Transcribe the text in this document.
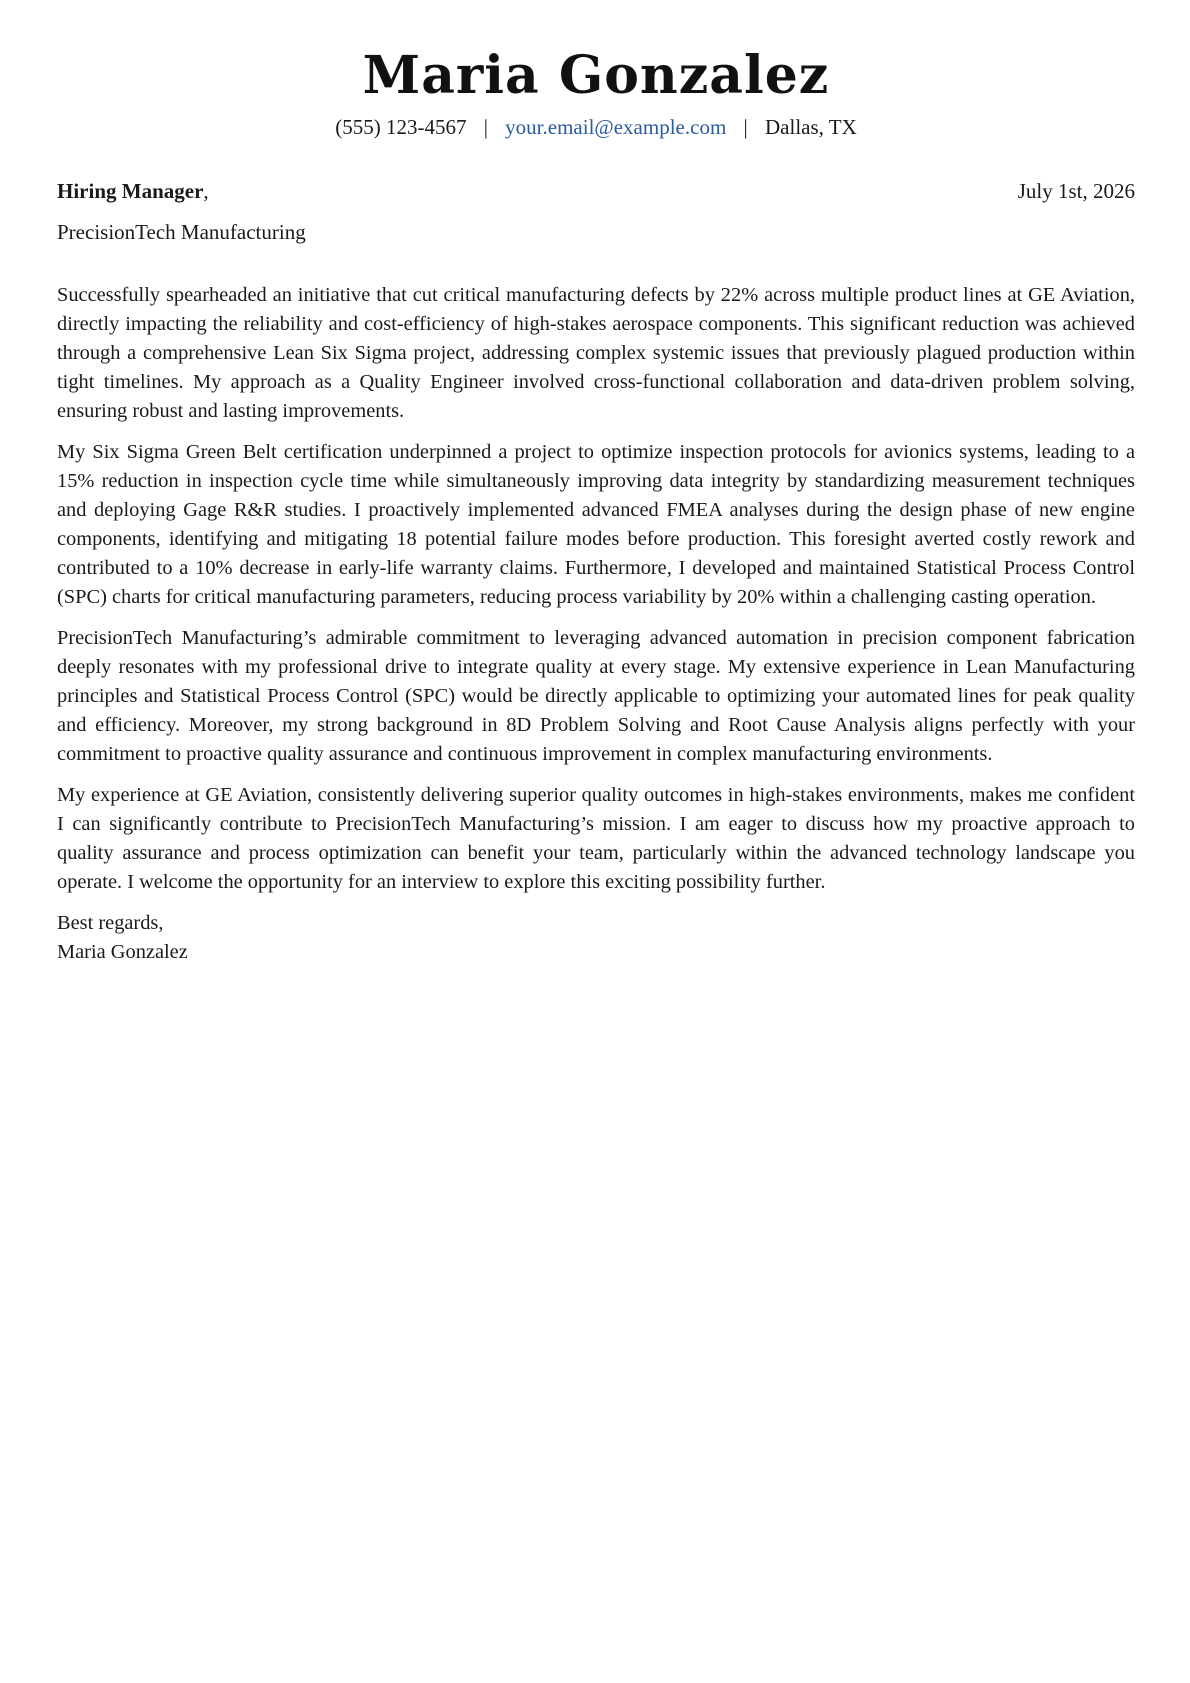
Maria Gonzalez
(555) 123-4567 | your.email@example.com | Dallas, TX
Hiring Manager,	July 1st, 2026
PrecisionTech Manufacturing

Successfully spearheaded an initiative that cut critical manufacturing defects by 22% across multiple product lines at GE Aviation, directly impacting the reliability and cost-efficiency of high-stakes aerospace components. This significant reduction was achieved through a comprehensive Lean Six Sigma project, addressing complex systemic issues that previously plagued production within tight timelines. My approach as a Quality Engineer involved cross-functional collaboration and data-driven problem solving, ensuring robust and lasting improvements.

My Six Sigma Green Belt certification underpinned a project to optimize inspection protocols for avionics systems, leading to a 15% reduction in inspection cycle time while simultaneously improving data integrity by standardizing measurement techniques and deploying Gage R&R studies. I proactively implemented advanced FMEA analyses during the design phase of new engine components, identifying and mitigating 18 potential failure modes before production. This foresight averted costly rework and contributed to a 10% decrease in early-life warranty claims. Furthermore, I developed and maintained Statistical Process Control (SPC) charts for critical manufacturing parameters, reducing process variability by 20% within a challenging casting operation.

PrecisionTech Manufacturing’s admirable commitment to leveraging advanced automation in precision component fabrication deeply resonates with my professional drive to integrate quality at every stage. My extensive experience in Lean Manufacturing principles and Statistical Process Control (SPC) would be directly applicable to optimizing your automated lines for peak quality and efficiency. Moreover, my strong background in 8D Problem Solving and Root Cause Analysis aligns perfectly with your commitment to proactive quality assurance and continuous improvement in complex manufacturing environments.

My experience at GE Aviation, consistently delivering superior quality outcomes in high-stakes environments, makes me confident I can significantly contribute to PrecisionTech Manufacturing’s mission. I am eager to discuss how my proactive approach to quality assurance and process optimization can benefit your team, particularly within the advanced technology landscape you operate. I welcome the opportunity for an interview to explore this exciting possibility further.

Best regards,
Maria Gonzalez
